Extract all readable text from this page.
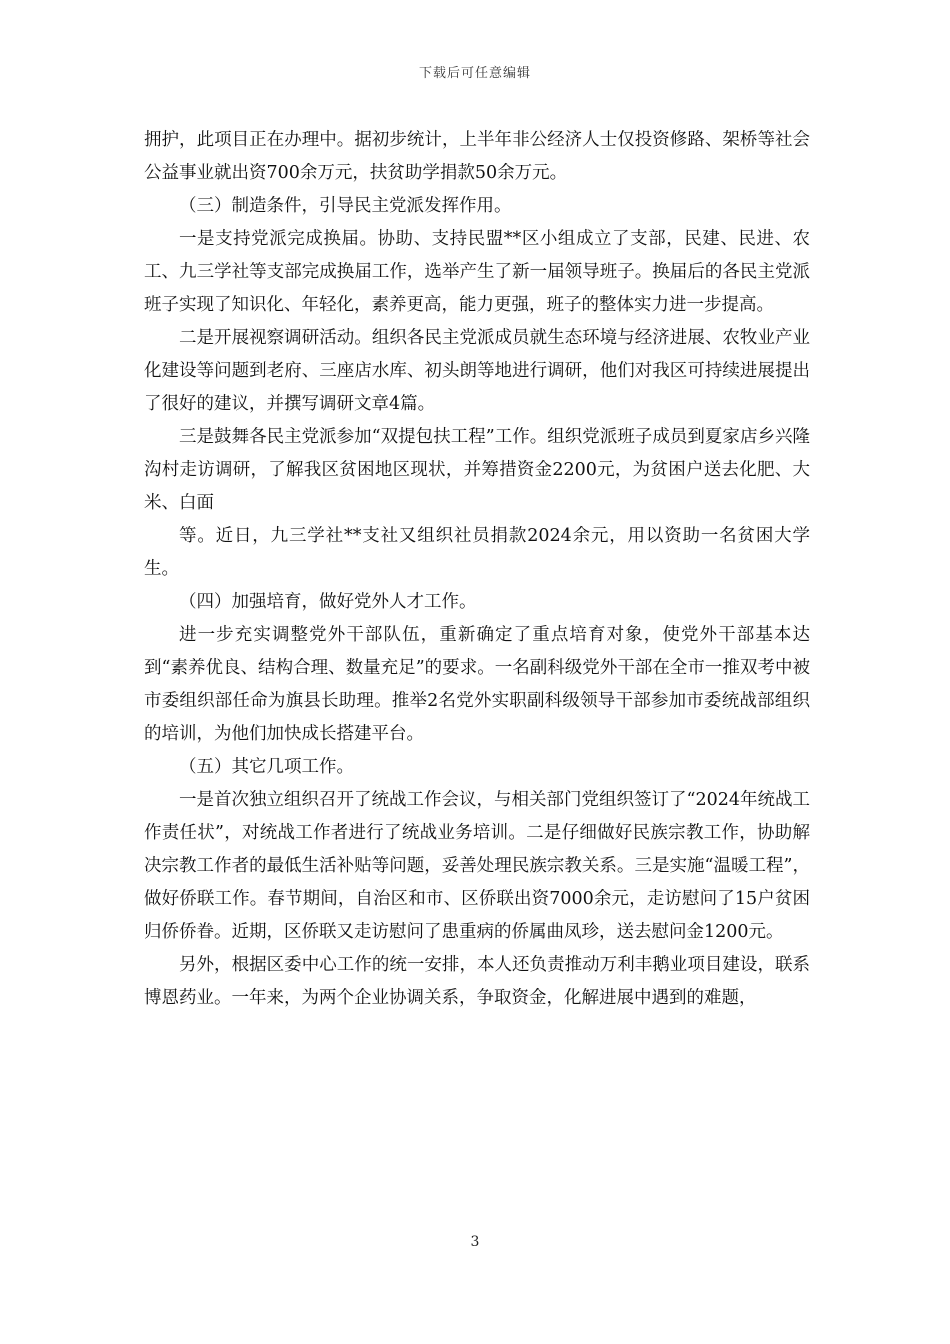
下载后可任意编辑

拥护，此项目正在办理中。据初步统计，上半年非公经济人士仅投资修路、架桥等社会公益事业就出资700余万元，扶贫助学捐款50余万元。

（三）制造条件，引导民主党派发挥作用。

一是支持党派完成换届。协助、支持民盟**区小组成立了支部，民建、民进、农工、九三学社等支部完成换届工作，选举产生了新一届领导班子。换届后的各民主党派班子实现了知识化、年轻化，素养更高，能力更强，班子的整体实力进一步提高。

二是开展视察调研活动。组织各民主党派成员就生态环境与经济进展、农牧业产业化建设等问题到老府、三座店水库、初头朗等地进行调研，他们对我区可持续进展提出了很好的建议，并撰写调研文章4篇。

三是鼓舞各民主党派参加“双提包扶工程”工作。组织党派班子成员到夏家店乡兴隆沟村走访调研，了解我区贫困地区现状，并筹措资金2200元，为贫困户送去化肥、大米、白面

等。近日，九三学社**支社又组织社员捐款2024余元，用以资助一名贫困大学生。

（四）加强培育，做好党外人才工作。

进一步充实调整党外干部队伍，重新确定了重点培育对象，使党外干部基本达到“素养优良、结构合理、数量充足”的要求。一名副科级党外干部在全市一推双考中被市委组织部任命为旗县长助理。推举2名党外实职副科级领导干部参加市委统战部组织的培训，为他们加快成长搭建平台。

（五）其它几项工作。

一是首次独立组织召开了统战工作会议，与相关部门党组织签订了“2024年统战工作责任状”，对统战工作者进行了统战业务培训。二是仔细做好民族宗教工作，协助解决宗教工作者的最低生活补贴等问题，妥善处理民族宗教关系。三是实施“温暖工程”，做好侨联工作。春节期间，自治区和市、区侨联出资7000余元，走访慰问了15户贫困归侨侨眷。近期，区侨联又走访慰问了患重病的侨属曲凤珍，送去慰问金1200元。

另外，根据区委中心工作的统一安排，本人还负责推动万利丰鹅业项目建设，联系博恩药业。一年来，为两个企业协调关系，争取资金，化解进展中遇到的难题，

3
